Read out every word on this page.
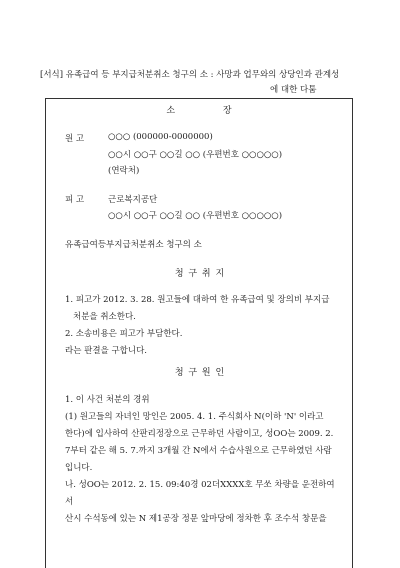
[서식] 유족급여 등 부지급처분취소 청구의 소 : 사망과 업무와의 상당인과 관계성
에 대한 다툼
소	장
원 고	○○○ (000000-0000000)
○○시 ○○구 ○○길 ○○ (우편번호 ○○○○○)
(연락처)
피 고	근로복지공단
○○시 ○○구 ○○길 ○○ (우편번호 ○○○○○)
유족급여등부지급처분취소 청구의 소
청 구 취 지
1. 피고가 2012. 3. 28. 원고들에 대하여 한 유족급여 및 장의비 부지급
처분을 취소한다.
2. 소송비용은 피고가 부담한다.
라는 판결을 구합니다.
청 구 원 인
1. 이 사건 처분의 경위
(1) 원고들의 자녀인 망인은 2005. 4. 1. 주식회사 N(이하 'N' 이라고
한다)에 입사하여 산판리정장으로 근무하던 사람이고, 성OO는 2009. 2.
7부터 같은 해 5. 7.까지 3개월 간 N에서 수습사원으로 근무하였던 사람
입니다.
나. 성OO는 2012. 2. 15. 09:40경 02더XXXX호 무쏘 차량을 운전하여 서
산시 수석동에 있는 N 제1공장 정문 앞마당에 정차한 후 조수석 창문을
